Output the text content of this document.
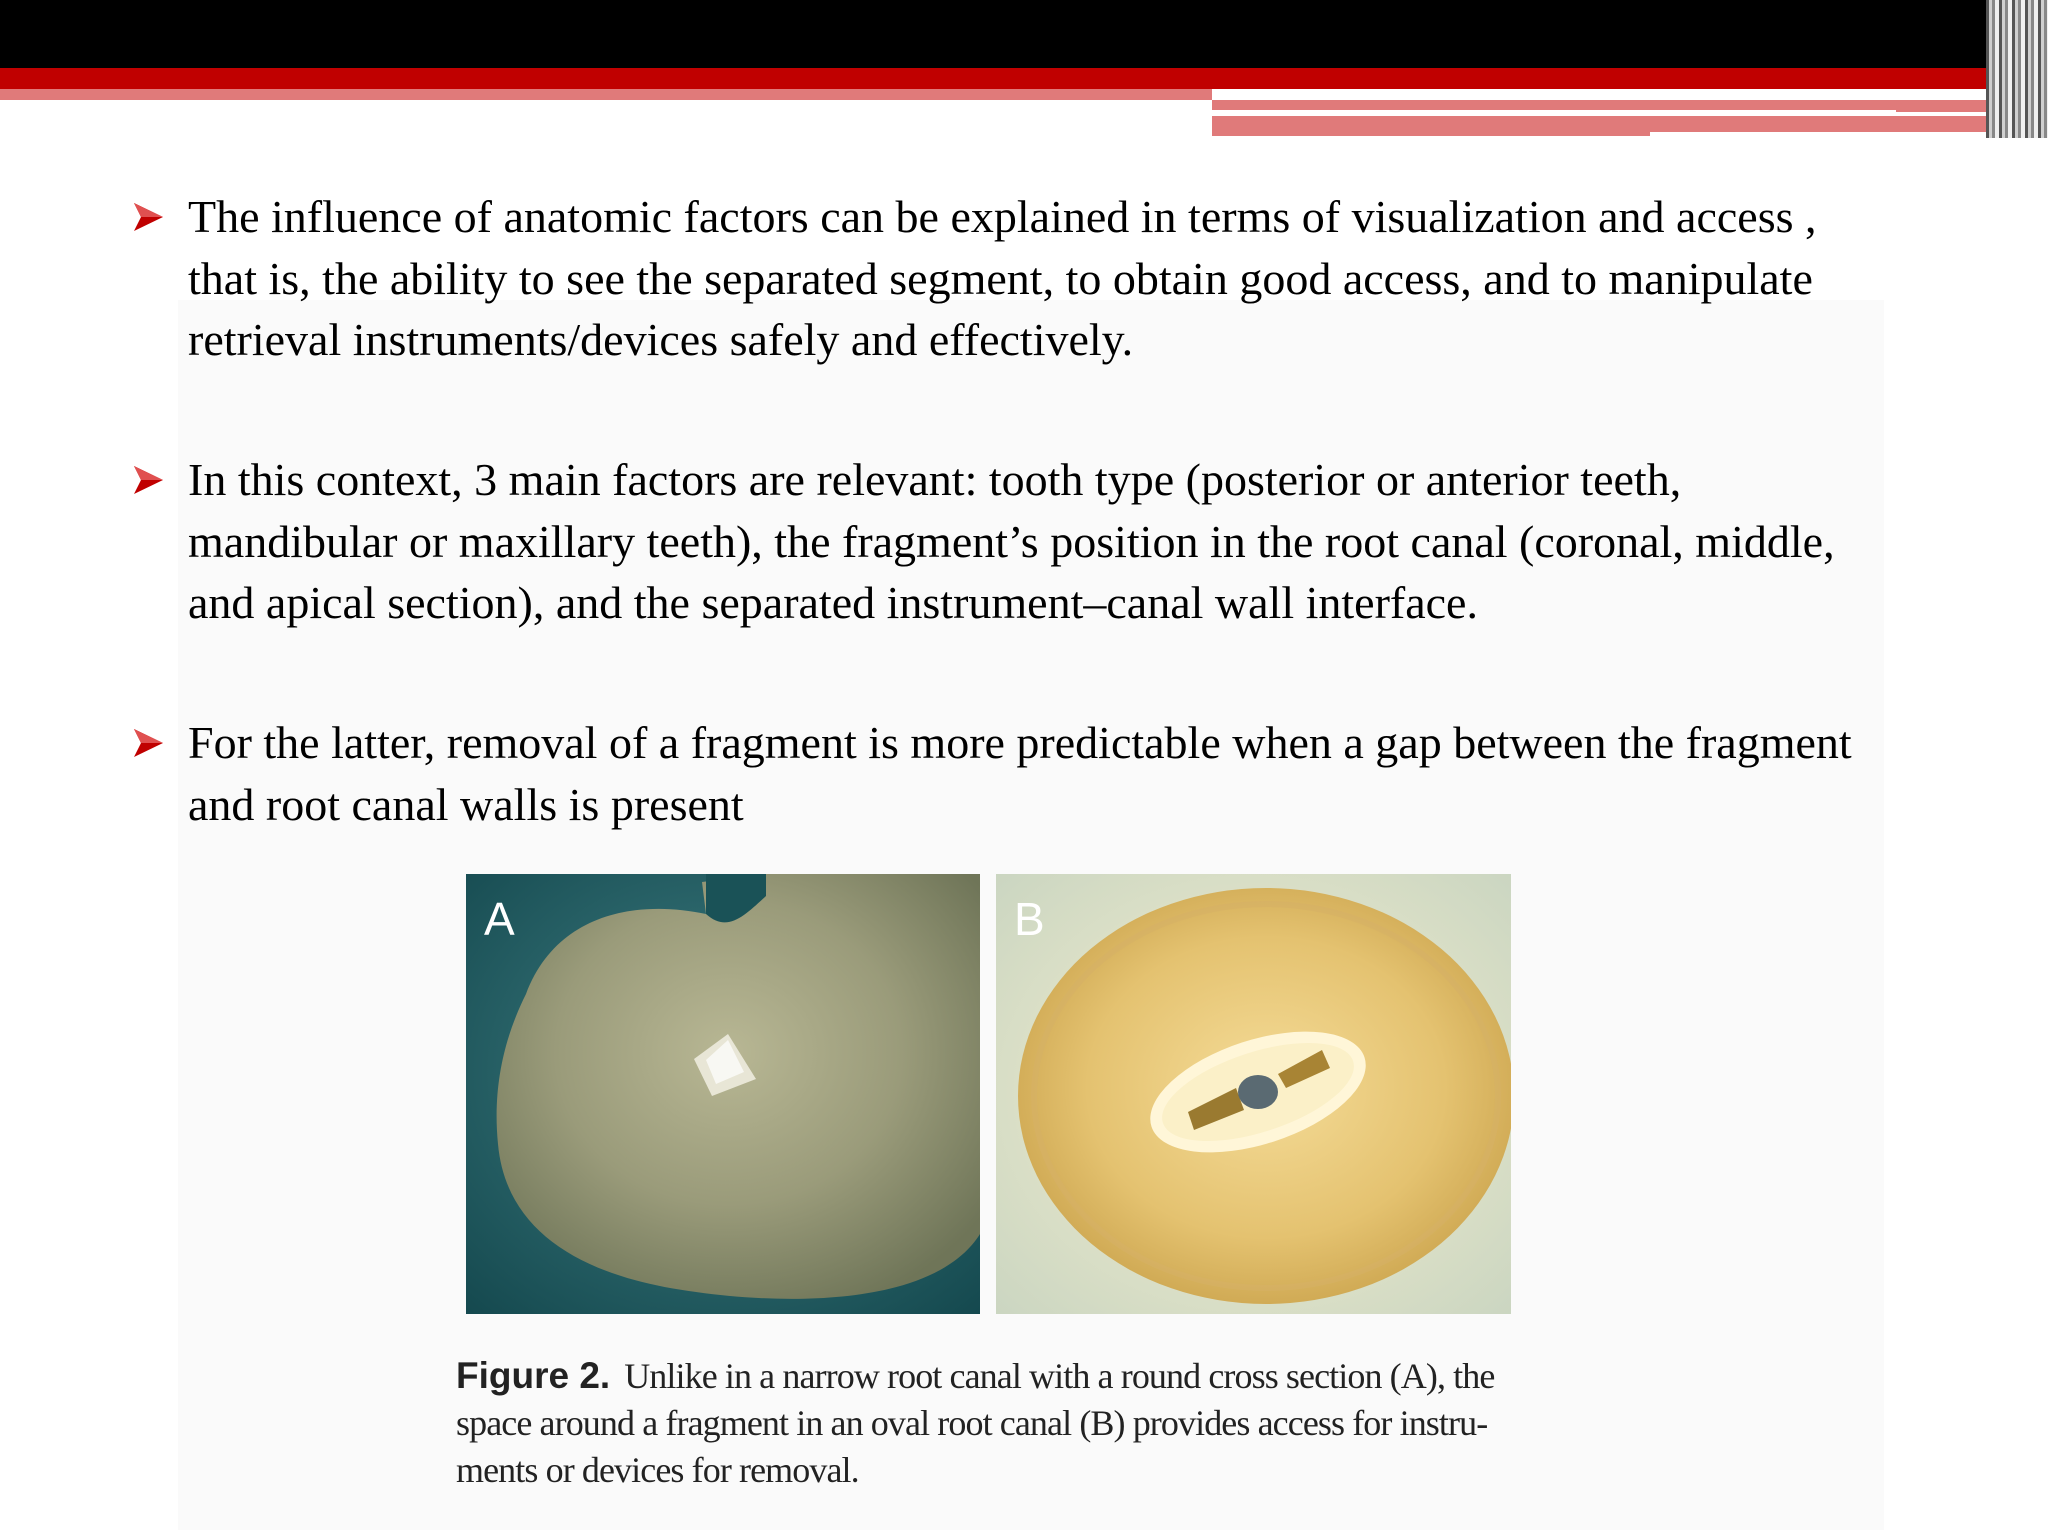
The influence of anatomic factors can be explained in terms of visualization and access , that is, the ability to see the separated segment, to obtain good access, and to manipulate retrieval instruments/devices safely and effectively.
In this context, 3 main factors are relevant: tooth type (posterior or anterior teeth, mandibular or maxillary teeth), the fragment’s position in the root canal (coronal, middle, and apical section), and the separated instrument–canal wall interface.
For the latter, removal of a fragment is more predictable when a gap between the fragment and root canal walls is present
A	B
Figure 2. Unlike in a narrow root canal with a round cross section (A), the space around a fragment in an oval root canal (B) provides access for instru- ments or devices for removal.
